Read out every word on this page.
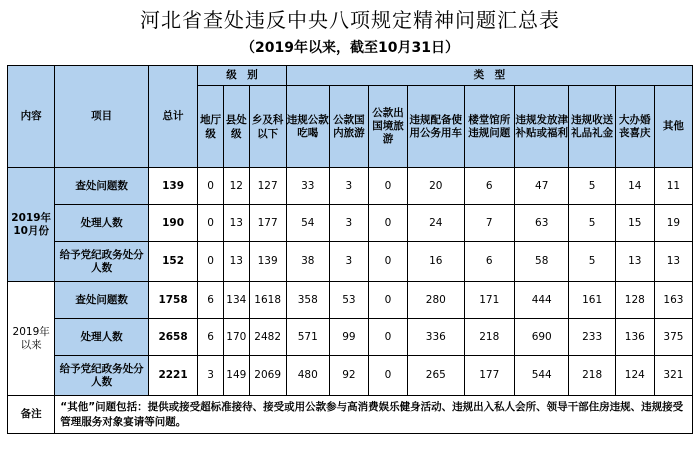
河北省查处违反中央八项规定精神问题汇总表
（2019年以来，截至10月31日）
内容	项目	总计	级　别			类　型								
			地厅级	县处级	乡及科以下	违规公款吃喝	公款国内旅游	公款出国境旅游	违规配备使用公务用车	楼堂馆所违规问题	违规发放津补贴或福利	违规收送礼品礼金	大办婚丧喜庆	其他
2019年10月份	查处问题数	139	0	12	127	33	3	0	20	6	47	5	14	11
	处理人数	190	0	13	177	54	3	0	24	7	63	5	15	19
	给予党纪政务处分人数	152	0	13	139	38	3	0	16	6	58	5	13	13
2019年以来	查处问题数	1758	6	134	1618	358	53	0	280	171	444	161	128	163
	处理人数	2658	6	170	2482	571	99	0	336	218	690	233	136	375
	给予党纪政务处分人数	2221	3	149	2069	480	92	0	265	177	544	218	124	321
备注	“其他”问题包括：提供或接受超标准接待、接受或用公款参与高消费娱乐健身活动、违规出入私人会所、领导干部住房违规、违规接受管理服务对象宴请等问题。													
